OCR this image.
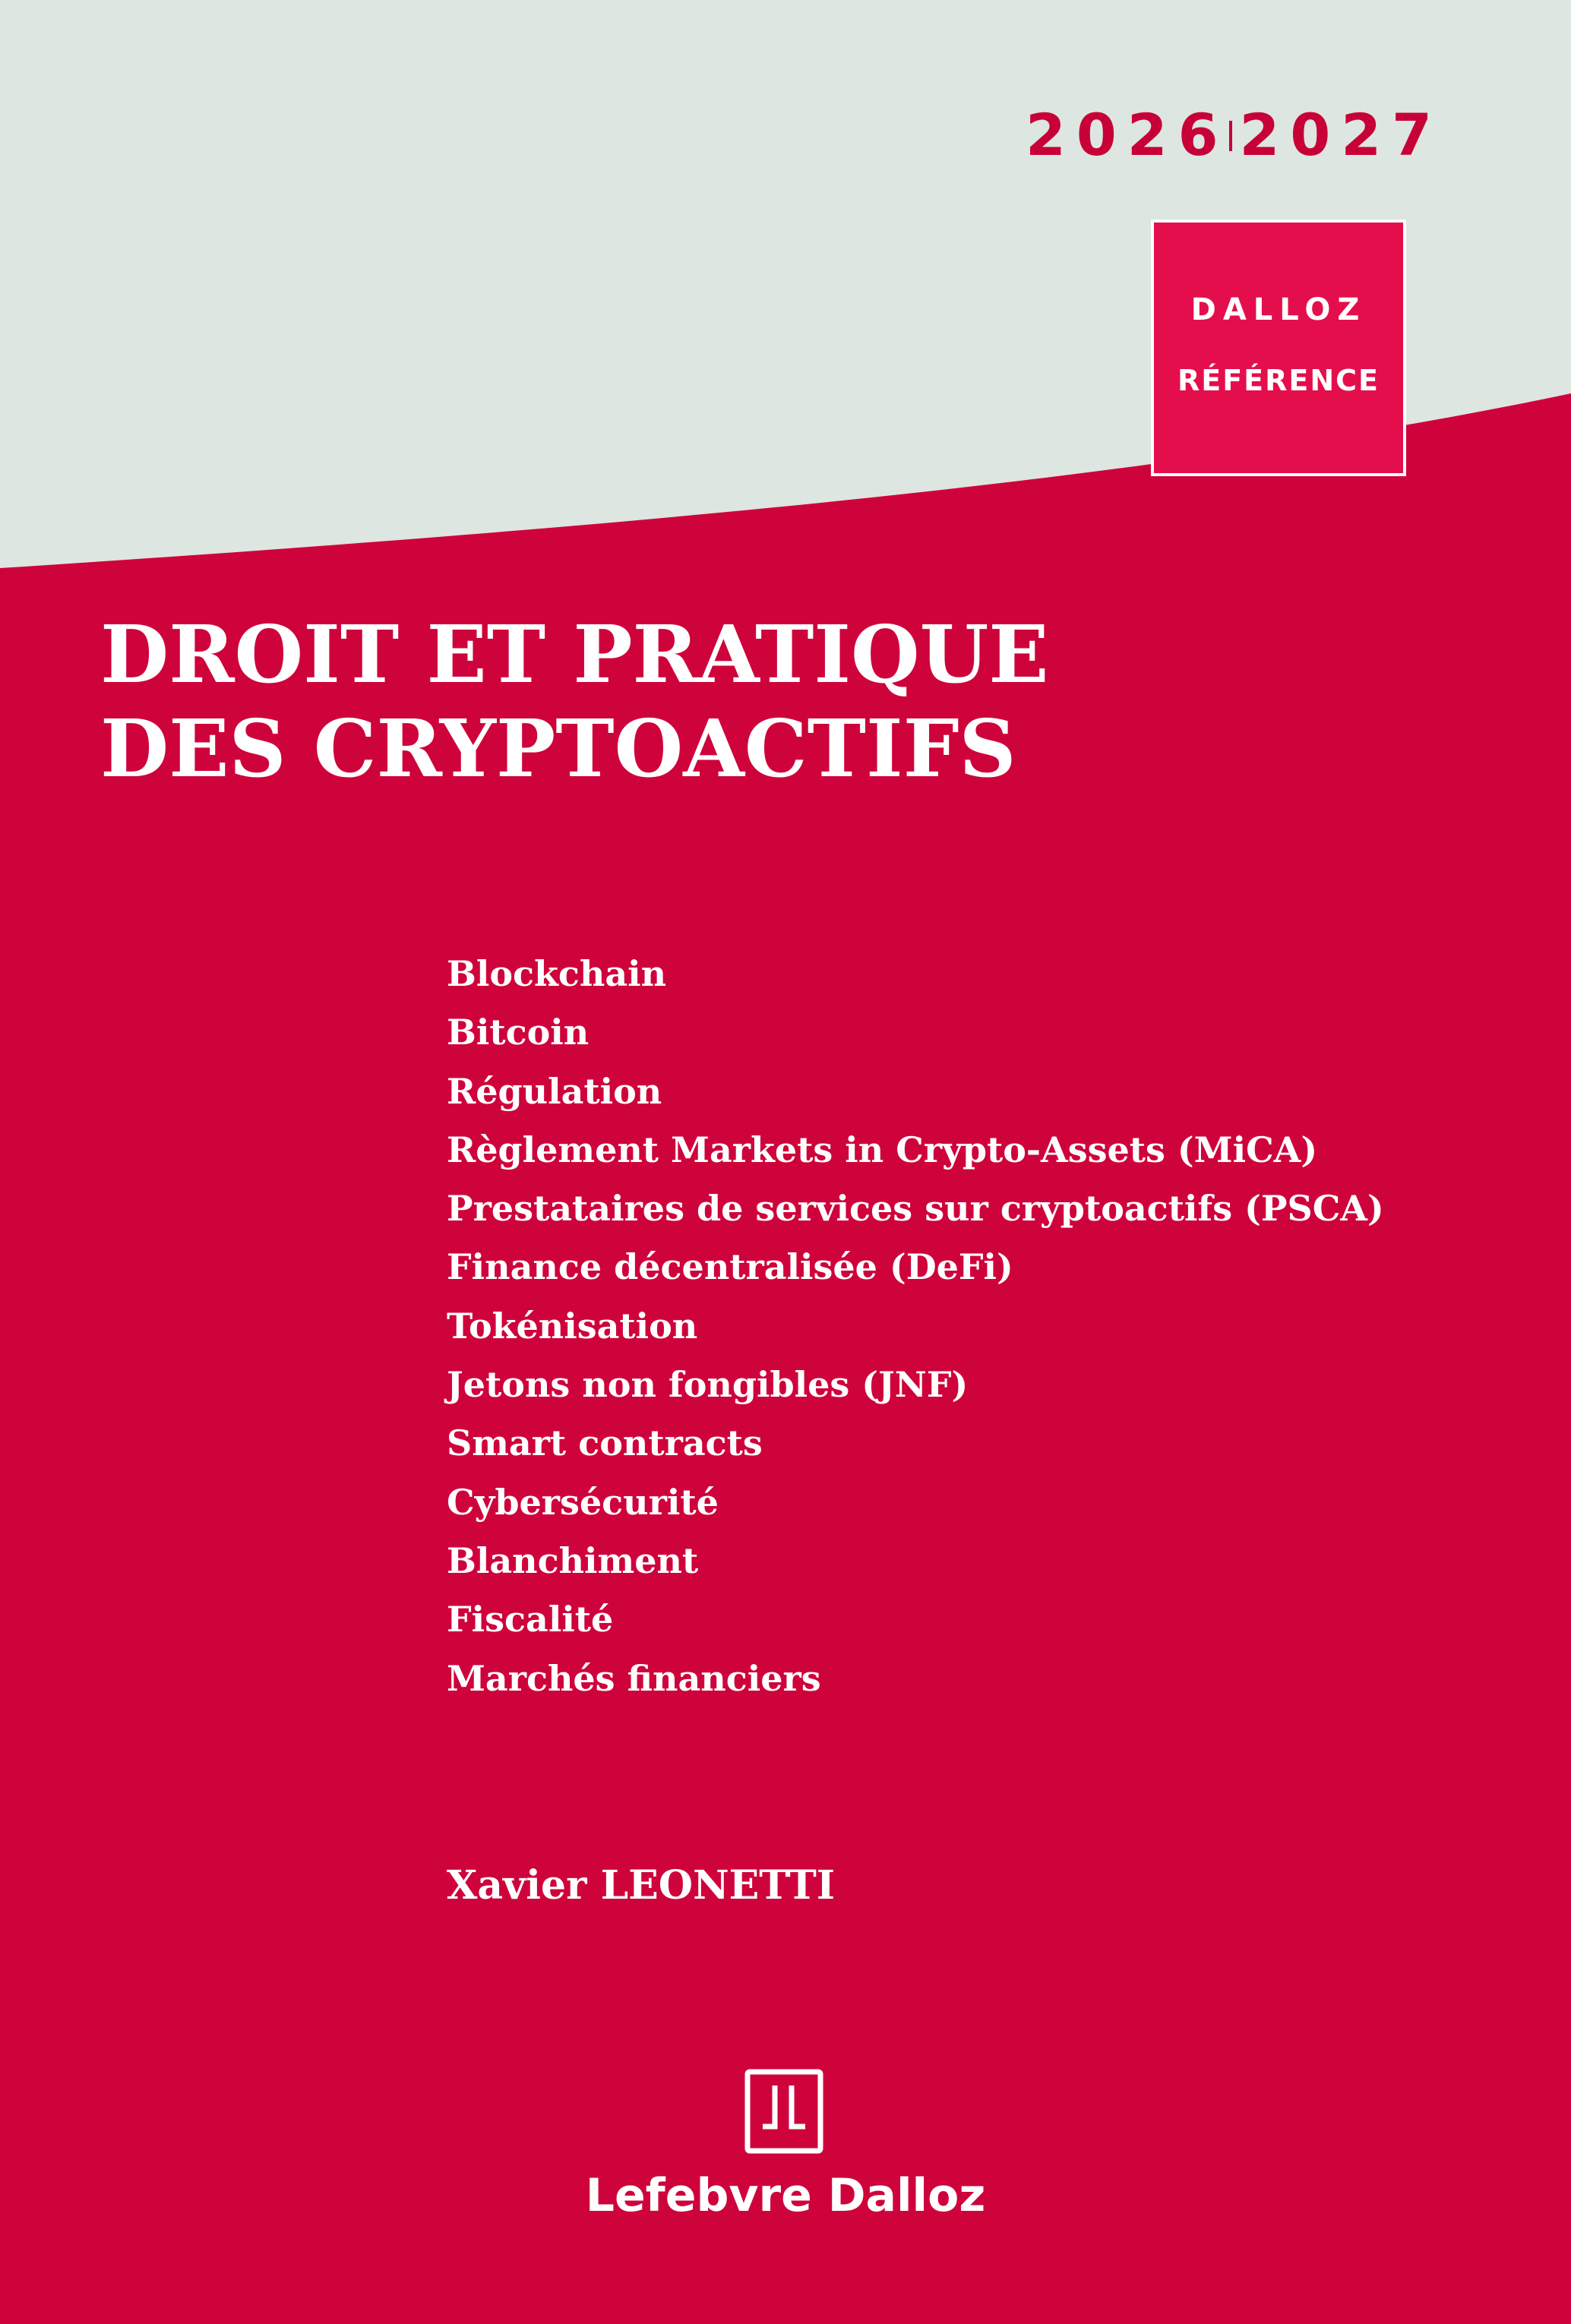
2026 2027
DALLOZ
RÉFÉRENCE
DROIT ET PRATIQUE
DES CRYPTOACTIFS
Blockchain
Bitcoin
Régulation
Règlement Markets in Crypto-Assets (MiCA)
Prestataires de services sur cryptoactifs (PSCA)
Finance décentralisée (DeFi)
Tokénisation
Jetons non fongibles (JNF)
Smart contracts
Cybersécurité
Blanchiment
Fiscalité
Marchés financiers
Xavier LEONETTI
Lefebvre Dalloz
